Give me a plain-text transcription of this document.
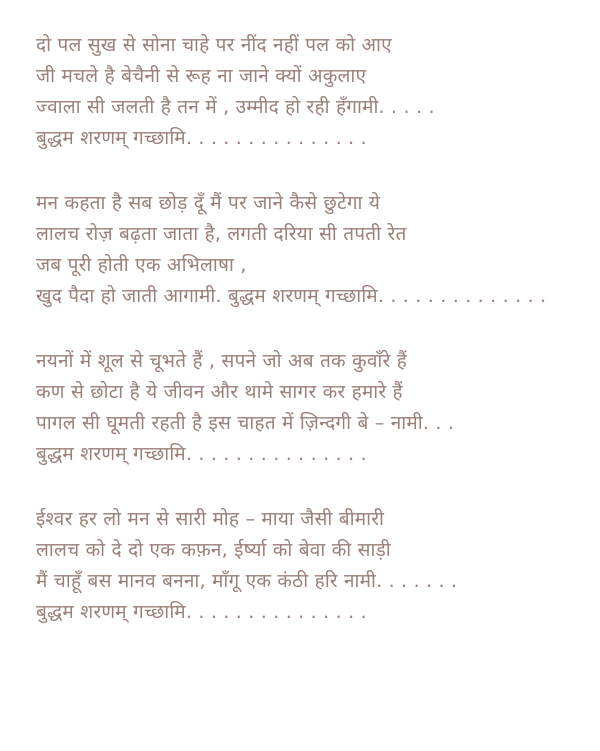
दो पल सुख से सोना चाहे पर नींद नहीं पल को आए
जी मचले है बेचैनी से रूह ना जाने क्यों अकुलाए
ज्वाला सी जलती है तन में , उम्मीद हो रही हँगामी. . . . .
बुद्धम शरणम् गच्छामि. . . . . . . . . . . . . . .
मन कहता है सब छोड़ दूँ मैं पर जाने कैसे छुटेगा ये
लालच रोज़ बढ़ता जाता है, लगती दरिया सी तपती रेत
जब पूरी होती एक अभिलाषा ,
खुद पैदा हो जाती आगामी. बुद्धम शरणम् गच्छामि. . . . . . . . . . . . . .
नयनों में शूल से चूभते हैं , सपने जो अब तक कुवाँरे हैं
कण से छोटा है ये जीवन और थामे सागर कर हमारे हैं
पागल सी घूमती रहती है इस चाहत में ज़िन्दगी बे – नामी. . .
बुद्धम शरणम् गच्छामि. . . . . . . . . . . . . . .
ईश्वर हर लो मन से सारी मोह – माया जैसी बीमारी
लालच को दे दो एक कफ़न, ईर्ष्या को बेवा की साड़ी
मैं चाहूँ बस मानव बनना, माँगू एक कंठी हरि नामी. . . . . . .
बुद्धम शरणम् गच्छामि. . . . . . . . . . . . . . .
